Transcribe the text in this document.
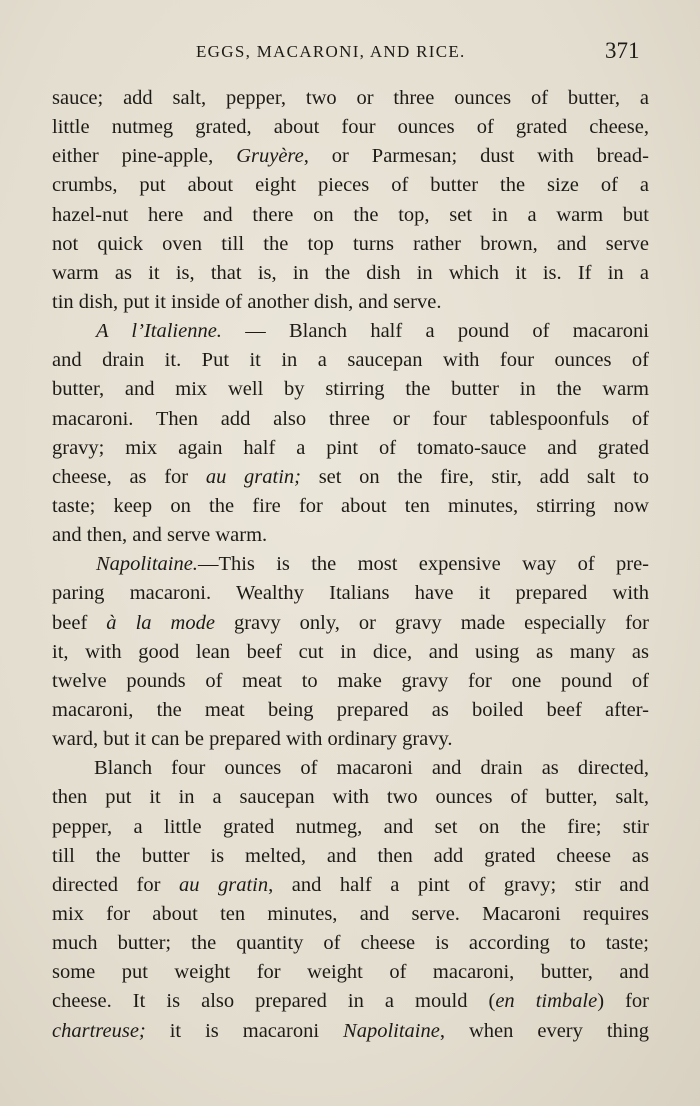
EGGS, MACARONI, AND RICE.	371
sauce; add salt, pepper, two or three ounces of butter, a
little nutmeg grated, about four ounces of grated cheese,
either pine-apple, Gruyère, or Parmesan; dust with bread-
crumbs, put about eight pieces of butter the size of a
hazel-nut here and there on the top, set in a warm but
not quick oven till the top turns rather brown, and serve
warm as it is, that is, in the dish in which it is. If in a
tin dish, put it inside of another dish, and serve.
A l’Italienne. — Blanch half a pound of macaroni
and drain it. Put it in a saucepan with four ounces of
butter, and mix well by stirring the butter in the warm
macaroni. Then add also three or four tablespoonfuls of
gravy; mix again half a pint of tomato-sauce and grated
cheese, as for au gratin; set on the fire, stir, add salt to
taste; keep on the fire for about ten minutes, stirring now
and then, and serve warm.
Napolitaine.—This is the most expensive way of pre-
paring macaroni. Wealthy Italians have it prepared with
beef à la mode gravy only, or gravy made especially for
it, with good lean beef cut in dice, and using as many as
twelve pounds of meat to make gravy for one pound of
macaroni, the meat being prepared as boiled beef after-
ward, but it can be prepared with ordinary gravy.
Blanch four ounces of macaroni and drain as directed,
then put it in a saucepan with two ounces of butter, salt,
pepper, a little grated nutmeg, and set on the fire; stir
till the butter is melted, and then add grated cheese as
directed for au gratin, and half a pint of gravy; stir and
mix for about ten minutes, and serve. Macaroni requires
much butter; the quantity of cheese is according to taste;
some put weight for weight of macaroni, butter, and
cheese. It is also prepared in a mould (en timbale) for
chartreuse; it is macaroni Napolitaine, when every thing
